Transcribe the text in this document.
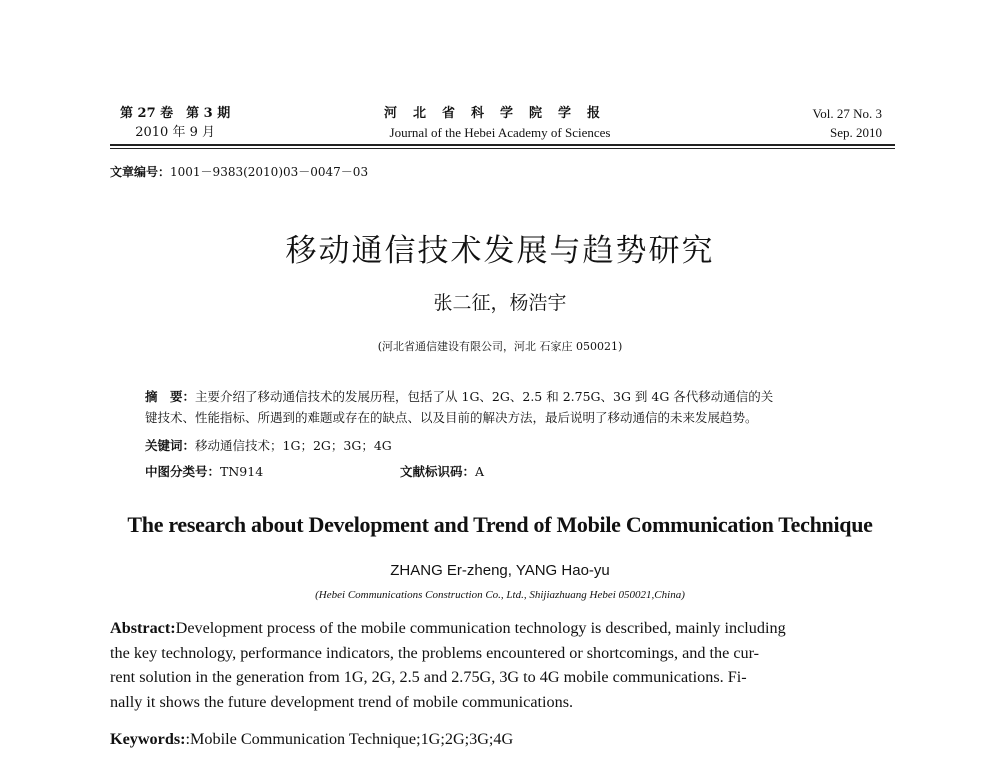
第 27 卷　第 3 期
2010 年 9 月
河北省科学院学报
Journal of the Hebei Academy of Sciences
Vol. 27 No. 3
Sep. 2010
文章编号：1001－9383(2010)03－0047－03
移动通信技术发展与趋势研究
张二征，杨浩宇
(河北省通信建设有限公司，河北 石家庄 050021)

摘　要：主要介绍了移动通信技术的发展历程，包括了从 1G、2G、2.5 和 2.75G、3G 到 4G 各代移动通信的关

键技术、性能指标、所遇到的难题或存在的缺点、以及目前的解决方法，最后说明了移动通信的未来发展趋势。

关键词：移动通信技术；1G；2G；3G；4G
中图分类号：TN914	文献标识码：A
The research about Development and Trend of Mobile Communication Technique
ZHANG Er-zheng, YANG Hao-yu
(Hebei Communications Construction Co., Ltd., Shijiazhuang Hebei 050021,China)

Abstract:Development process of the mobile communication technology is described, mainly including

the key technology, performance indicators, the problems encountered or shortcomings, and the cur-

rent solution in the generation from 1G, 2G, 2.5 and 2.75G, 3G to 4G mobile communications. Fi-

nally it shows the future development trend of mobile communications.

Keywords::Mobile Communication Technique;1G;2G;3G;4G
